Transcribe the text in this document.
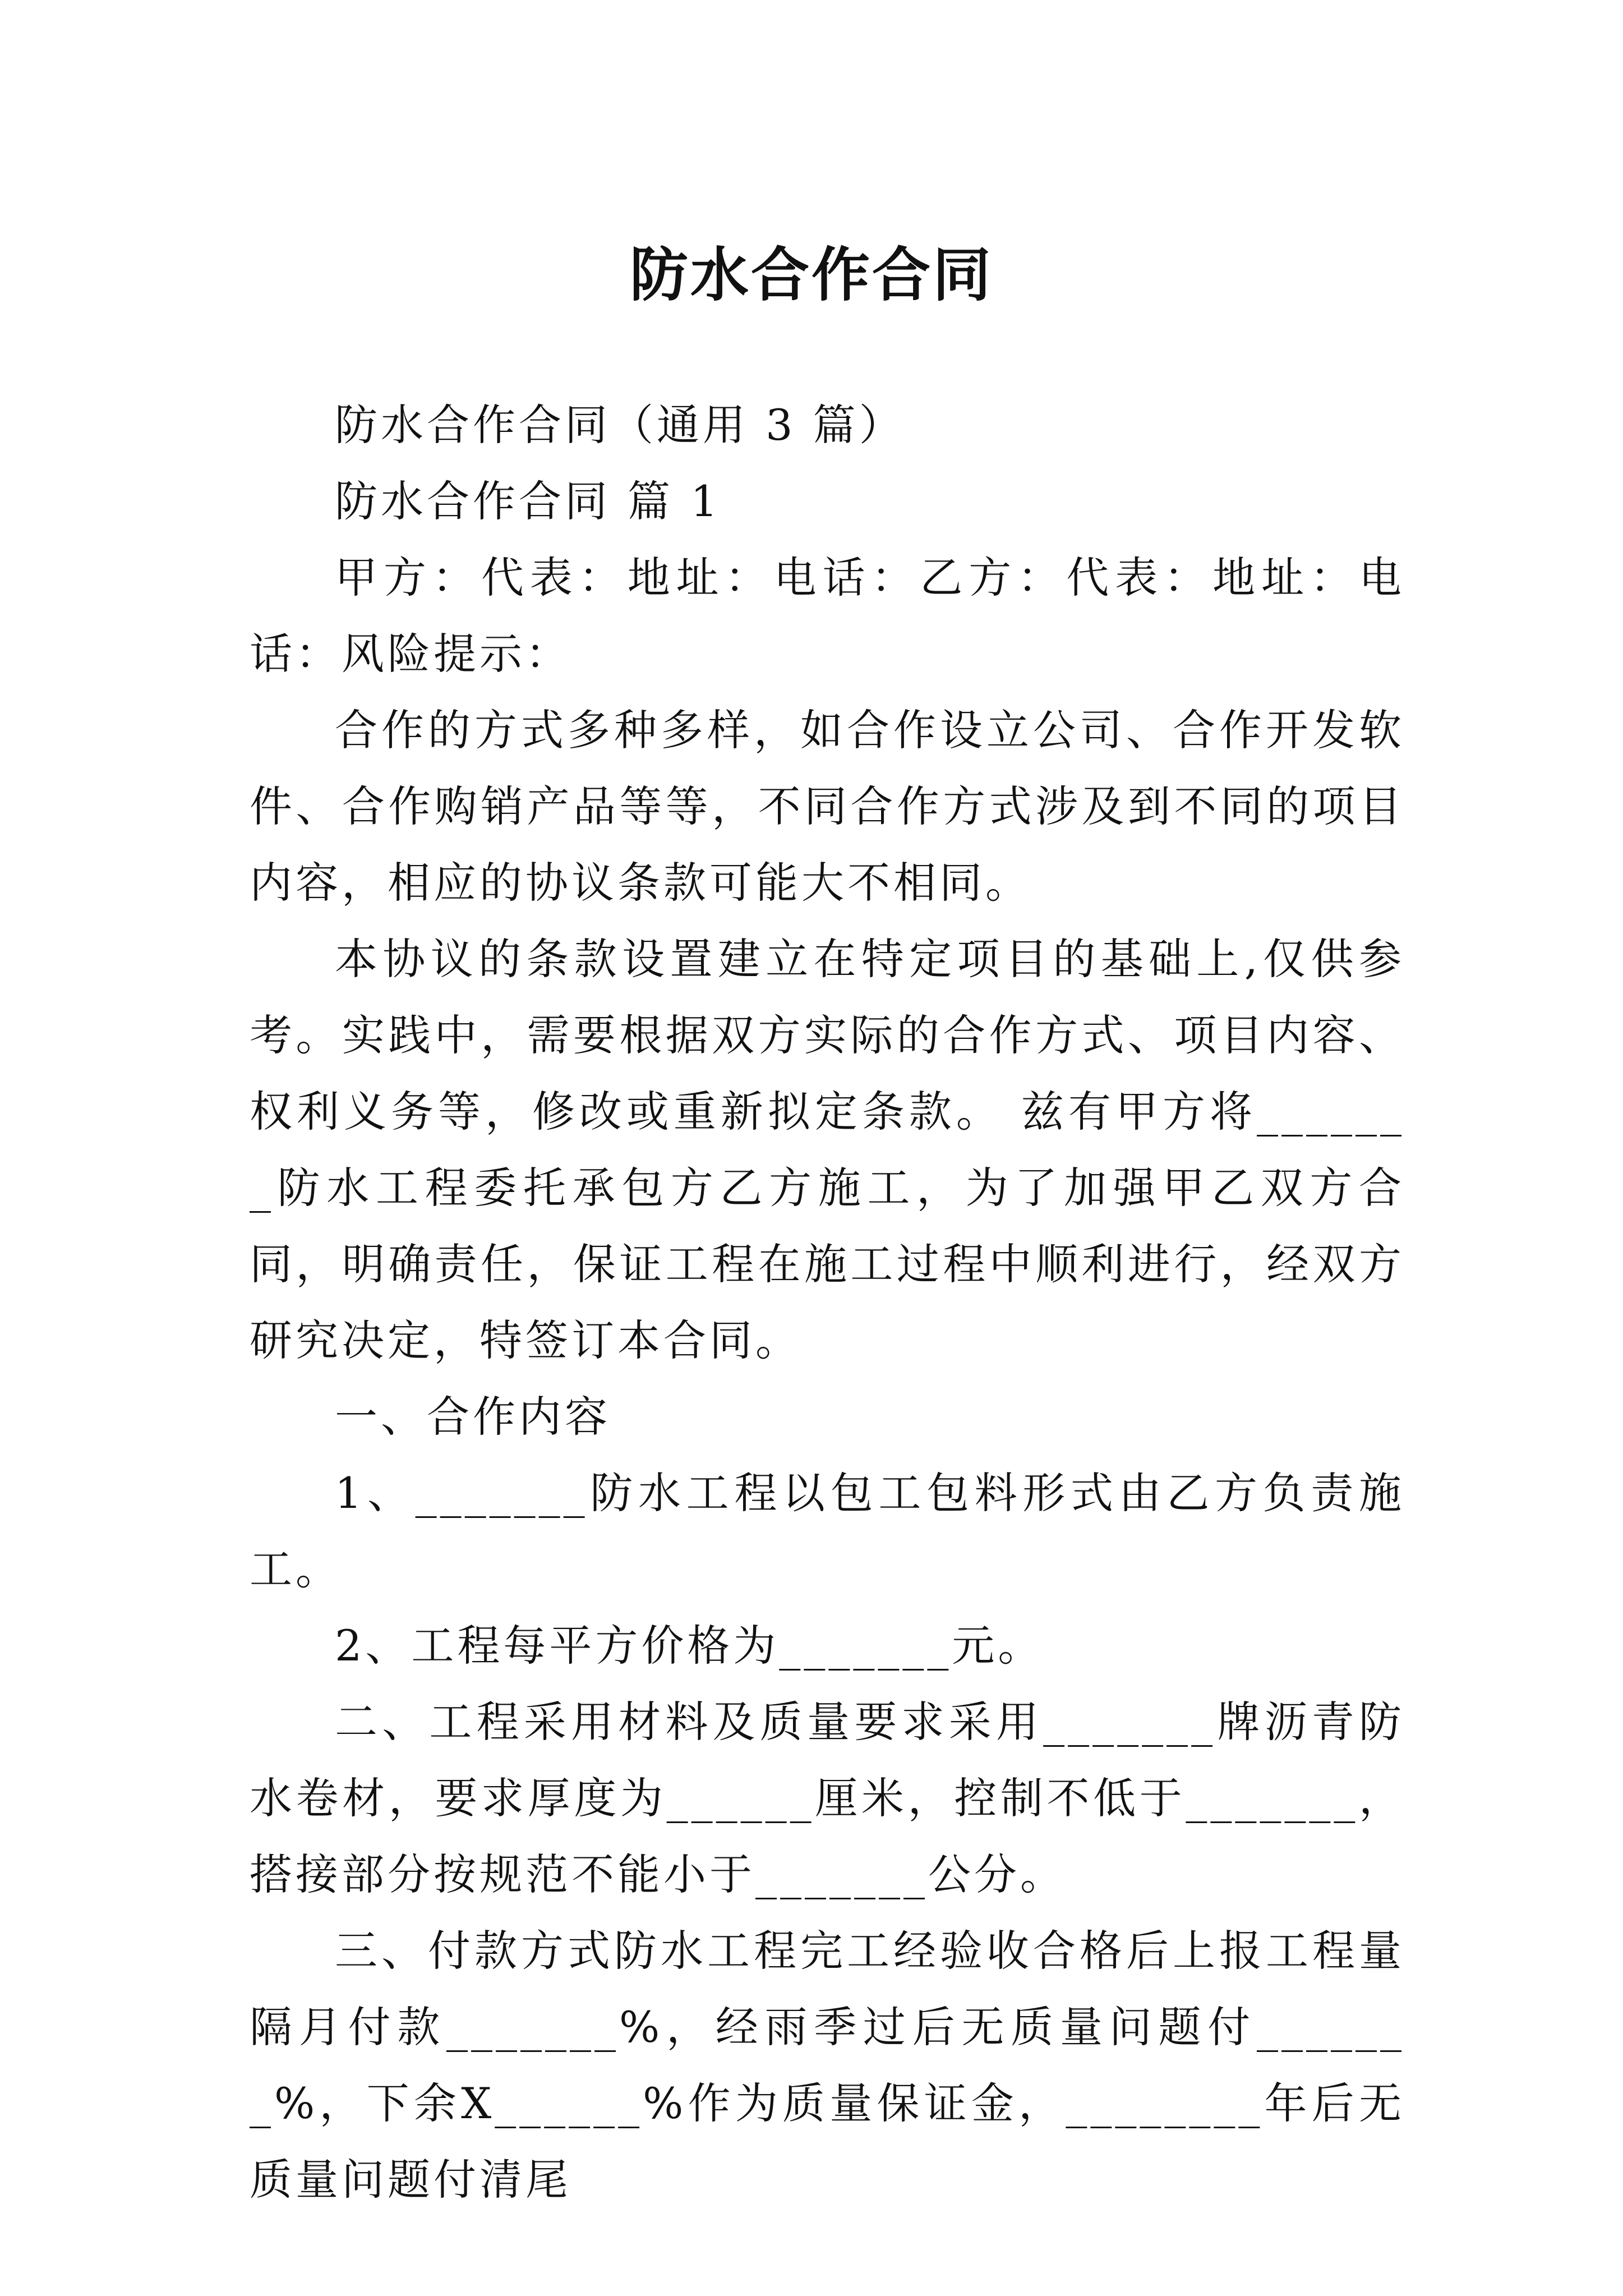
防水合作合同

防水合作合同（通用 3 篇）

防水合作合同 篇 1

甲方：代表：地址：电话：乙方：代表：地址：电话：风险提示：

合作的方式多种多样，如合作设立公司、合作开发软件、合作购销产品等等，不同合作方式涉及到不同的项目内容，相应的协议条款可能大不相同。

本协议的条款设置建立在特定项目的基础上,仅供参考。实践中，需要根据双方实际的合作方式、项目内容、权利义务等，修改或重新拟定条款。 兹有甲方将_______防水工程委托承包方乙方施工，为了加强甲乙双方合同，明确责任，保证工程在施工过程中顺利进行，经双方研究决定，特签订本合同。

一、合作内容

1、_______防水工程以包工包料形式由乙方负责施工。

2、工程每平方价格为_______元。

二、工程采用材料及质量要求采用_______牌沥青防水卷材，要求厚度为______厘米，控制不低于_______，搭接部分按规范不能小于_______公分。

三、付款方式防水工程完工经验收合格后上报工程量隔月付款_______%，经雨季过后无质量问题付_______%，下余X______%作为质量保证金，________年后无质量问题付清尾
